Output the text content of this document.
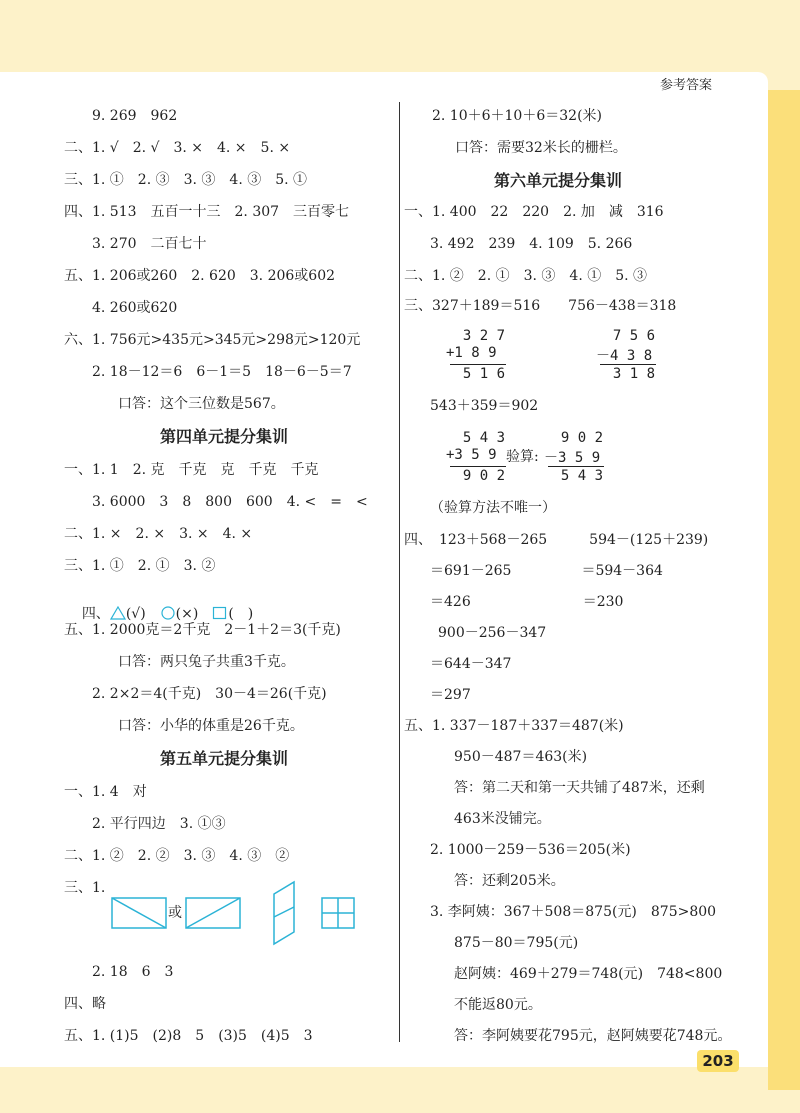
参考答案
9. 269　962
二、1. √　2. √　3. ×　4. ×　5. ×
三、1. ①　2. ③　3. ③　4. ③　5. ①
四、1. 513　五百一十三　2. 307　三百零七
3. 270　二百七十
五、1. 206或260　2. 620　3. 206或602
4. 260或620
六、1. 756元>435元>345元>298元>120元
2. 18－12＝6　6－1＝5　18－6－5＝7
口答：这个三位数是567。
第四单元提分集训
一、1. 1　2. 克　千克　克　千克　千克
3. 6000　3　8　800　600　4. <　=　<
二、1. ×　2. ×　3. ×　4. ×
三、1. ①　2. ①　3. ②

四、 (√)　 (×)　 (　)

五、1. 2000克＝2千克　2－1＋2＝3(千克)
口答：两只兔子共重3千克。
2. 2×2＝4(千克)　30－4＝26(千克)
口答：小华的体重是26千克。
第五单元提分集训
一、1. 4　对
2. 平行四边　3. ①③
二、1. ②　2. ②　3. ③　4. ③　②
三、1.
或
2. 18　6　3
四、略
五、1. (1)5　(2)8　5　(3)5　(4)5　3
2. 10＋6＋10＋6＝32(米)
口答：需要32米长的栅栏。
第六单元提分集训
一、1. 400　22　220　2. 加　减　316
3. 492　239　4. 109　5. 266
二、1. ②　2. ①　3. ③　4. ①　5. ③
三、327＋189＝516　　756－438＝318
3 2 7
+1 8 9
5 1 6
7 5 6
－4 3 8
3 1 8
543＋359＝902
5 4 3
+3 5 9
9 0 2
验算:
9 0 2
－3 5 9
5 4 3
（验算方法不唯一）
四、　123＋568－265　　　594－(125＋239)
＝691－265　　　　　＝594－364
＝426　　　　　　　　＝230
900－256－347
＝644－347
＝297
五、1. 337－187＋337＝487(米)
950－487＝463(米)
答：第二天和第一天共铺了487米，还剩
463米没铺完。
2. 1000－259－536＝205(米)
答：还剩205米。
3. 李阿姨：367＋508＝875(元)　875>800
875－80＝795(元)
赵阿姨：469＋279＝748(元)　748<800
不能返80元。
答：李阿姨要花795元，赵阿姨要花748元。
203
